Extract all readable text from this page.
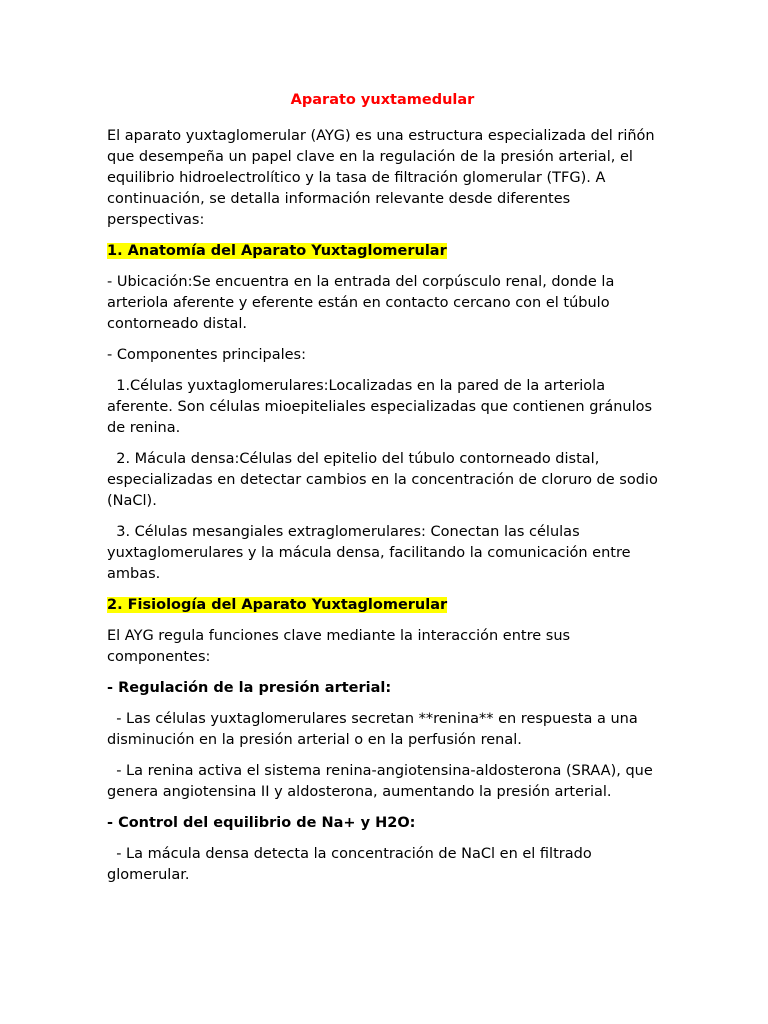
Aparato yuxtamedular

El aparato yuxtaglomerular (AYG) es una estructura especializada del riñón que desempeña un papel clave en la regulación de la presión arterial, el equilibrio hidroelectrolítico y la tasa de filtración glomerular (TFG). A continuación, se detalla información relevante desde diferentes perspectivas:

1. Anatomía del Aparato Yuxtaglomerular

- Ubicación:Se encuentra en la entrada del corpúsculo renal, donde la arteriola aferente y eferente están en contacto cercano con el túbulo contorneado distal.

- Componentes principales:

1.Células yuxtaglomerulares:Localizadas en la pared de la arteriola aferente. Son células mioepiteliales especializadas que contienen gránulos de renina.

2. Mácula densa:Células del epitelio del túbulo contorneado distal, especializadas en detectar cambios en la concentración de cloruro de sodio (NaCl).

3. Células mesangiales extraglomerulares: Conectan las células yuxtaglomerulares y la mácula densa, facilitando la comunicación entre ambas.

2. Fisiología del Aparato Yuxtaglomerular

El AYG regula funciones clave mediante la interacción entre sus componentes:

- Regulación de la presión arterial:

- Las células yuxtaglomerulares secretan **renina** en respuesta a una disminución en la presión arterial o en la perfusión renal.

- La renina activa el sistema renina-angiotensina-aldosterona (SRAA), que genera angiotensina II y aldosterona, aumentando la presión arterial.

- Control del equilibrio de Na+ y H2O:

- La mácula densa detecta la concentración de NaCl en el filtrado glomerular.
